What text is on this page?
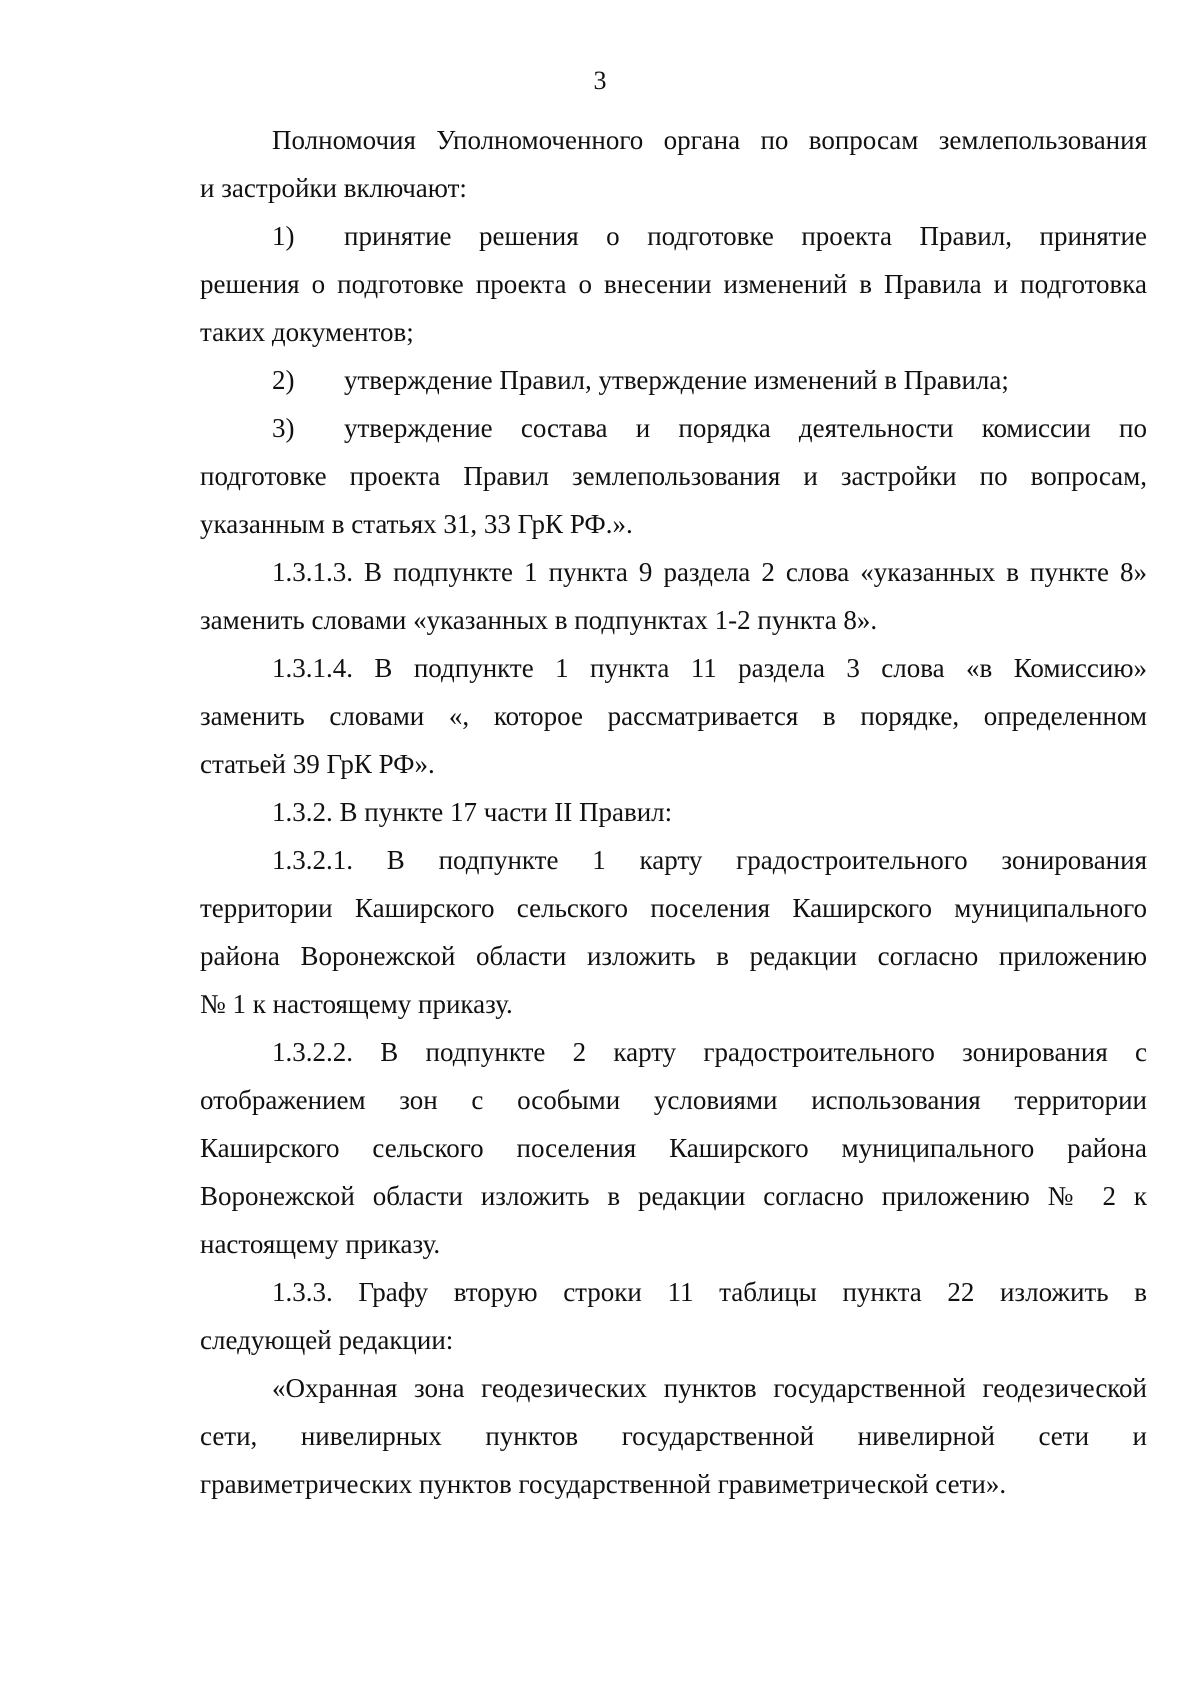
3
Полномочия Уполномоченного органа по вопросам землепользования
и застройки включают:
1)	принятие решения о подготовке проекта Правил, принятие
решения о подготовке проекта о внесении изменений в Правила и подготовка
таких документов;
2)	утверждение Правил, утверждение изменений в Правила;
3)	утверждение состава и порядка деятельности комиссии по
подготовке проекта Правил землепользования и застройки по вопросам,
указанным в статьях 31, 33 ГрК РФ.».
1.3.1.3. В подпункте 1 пункта 9 раздела 2 слова «указанных в пункте 8»
заменить словами «указанных в подпунктах 1-2 пункта 8».
1.3.1.4. В подпункте 1 пункта 11 раздела 3 слова «в Комиссию»
заменить словами «, которое рассматривается в порядке, определенном
статьей 39 ГрК РФ».
1.3.2. В пункте 17 части II Правил:
1.3.2.1. В подпункте 1 карту градостроительного зонирования
территории Каширского сельского поселения Каширского муниципального
района Воронежской области изложить в редакции согласно приложению
№ 1 к настоящему приказу.
1.3.2.2. В подпункте 2 карту градостроительного зонирования с
отображением зон с особыми условиями использования территории
Каширского сельского поселения Каширского муниципального района
Воронежской области изложить в редакции согласно приложению № 2 к
настоящему приказу.
1.3.3. Графу вторую строки 11 таблицы пункта 22 изложить в
следующей редакции:
«Охранная зона геодезических пунктов государственной геодезической
сети, нивелирных пунктов государственной нивелирной сети и
гравиметрических пунктов государственной гравиметрической сети».
